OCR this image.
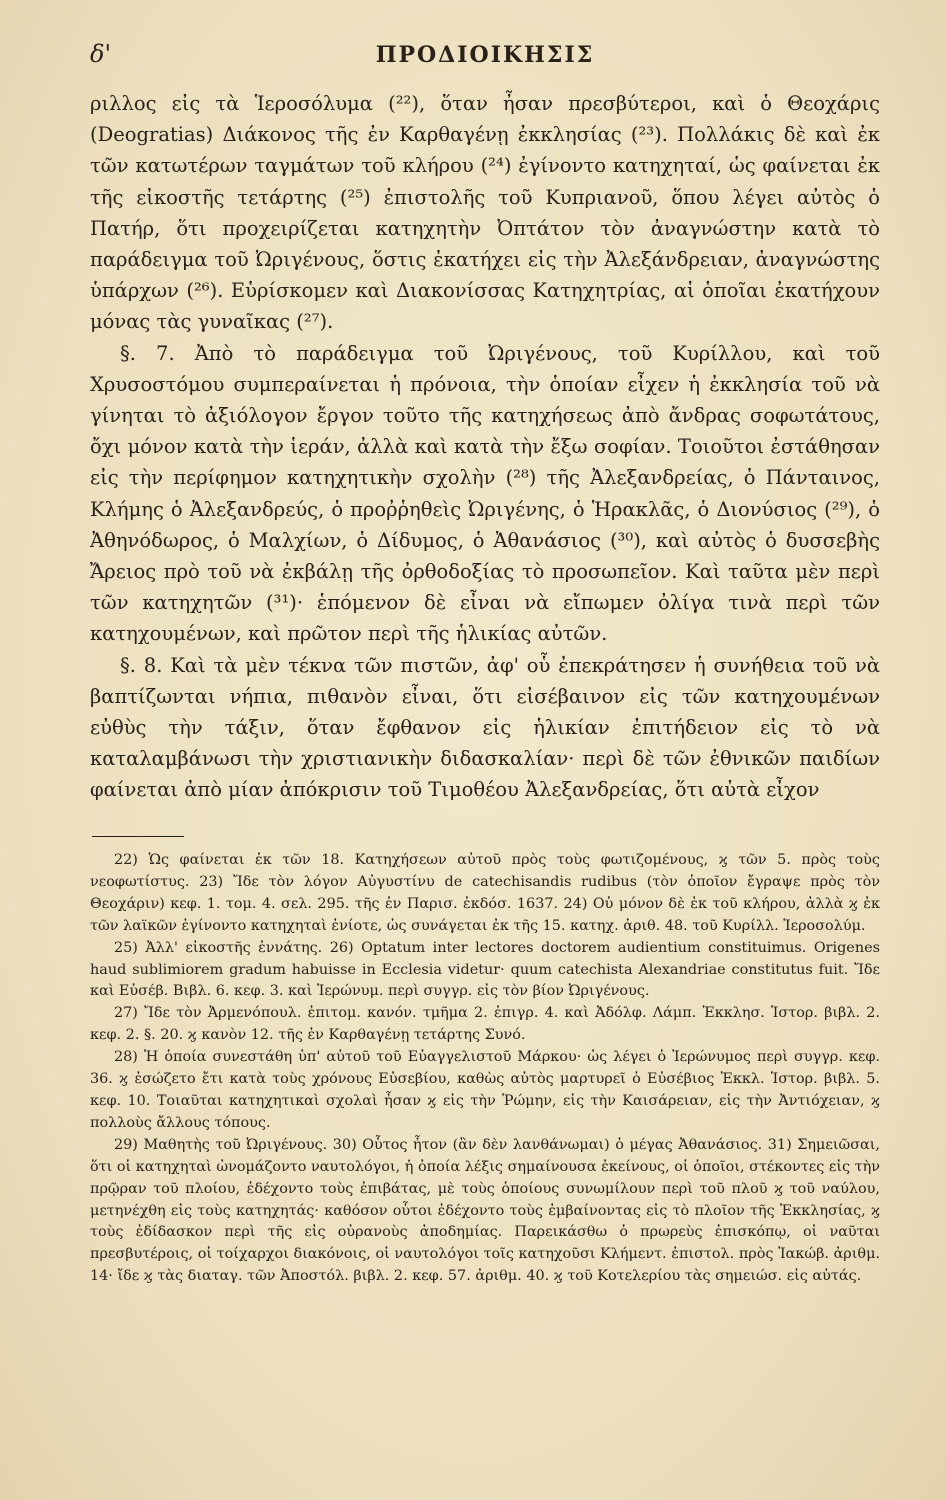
δ'	ΠΡΟΔΙΟΙΚΗΣΙΣ

ριλλος εἰς τὰ Ἱεροσόλυμα (²²), ὅταν ἦσαν πρεσβύτεροι, καὶ ὁ Θεοχάρις (Deogratias) Διάκονος τῆς ἐν Καρθαγένῃ ἐκκλησίας (²³). Πολλάκις δὲ καὶ ἐκ τῶν κατωτέρων ταγμάτων τοῦ κλήρου (²⁴) ἐγίνοντο κατηχηταί, ὡς φαίνεται ἐκ τῆς εἰκοστῆς τετάρτης (²⁵) ἐπιστολῆς τοῦ Κυπριανοῦ, ὅπου λέγει αὐτὸς ὁ Πατήρ, ὅτι προχειρίζεται κατηχητὴν Ὀπτάτον τὸν ἀναγνώστην κατὰ τὸ παράδειγμα τοῦ Ὠριγένους, ὅστις ἐκατήχει εἰς τὴν Ἀλεξάνδρειαν, ἀναγνώστης ὑπάρχων (²⁶). Εὑρίσκομεν καὶ Διακονίσσας Κατηχητρίας, αἱ ὁποῖαι ἐκατήχουν μόνας τὰς γυναῖκας (²⁷).

§. 7. Ἀπὸ τὸ παράδειγμα τοῦ Ὠριγένους, τοῦ Κυρίλλου, καὶ τοῦ Χρυσοστόμου συμπεραίνεται ἡ πρόνοια, τὴν ὁποίαν εἶχεν ἡ ἐκκλησία τοῦ νὰ γίνηται τὸ ἀξιόλογον ἔργον τοῦτο τῆς κατηχήσεως ἀπὸ ἄνδρας σοφωτάτους, ὄχι μόνον κατὰ τὴν ἱεράν, ἀλλὰ καὶ κατὰ τὴν ἔξω σοφίαν. Τοιοῦτοι ἐστάθησαν εἰς τὴν περίφημον κατηχητικὴν σχολὴν (²⁸) τῆς Ἀλεξανδρείας, ὁ Πάνταινος, Κλήμης ὁ Ἀλεξανδρεύς, ὁ προῤῥηθεὶς Ὠριγένης, ὁ Ἡρακλᾶς, ὁ Διονύσιος (²⁹), ὁ Ἀθηνόδωρος, ὁ Μαλχίων, ὁ Δίδυμος, ὁ Ἀθανάσιος (³⁰), καὶ αὐτὸς ὁ δυσσεβὴς Ἄρειος πρὸ τοῦ νὰ ἐκβάλῃ τῆς ὀρθοδοξίας τὸ προσωπεῖον. Καὶ ταῦτα μὲν περὶ τῶν κατηχητῶν (³¹)· ἑπόμενον δὲ εἶναι νὰ εἴπωμεν ὀλίγα τινὰ περὶ τῶν κατηχουμένων, καὶ πρῶτον περὶ τῆς ἡλικίας αὐτῶν.

§. 8. Καὶ τὰ μὲν τέκνα τῶν πιστῶν, ἀφ' οὗ ἐπεκράτησεν ἡ συνήθεια τοῦ νὰ βαπτίζωνται νήπια, πιθανὸν εἶναι, ὅτι εἰσέβαινον εἰς τῶν κατηχουμένων εὐθὺς τὴν τάξιν, ὅταν ἔφθανον εἰς ἡλικίαν ἐπιτήδειον εἰς τὸ νὰ καταλαμβάνωσι τὴν χριστιανικὴν διδασκαλίαν· περὶ δὲ τῶν ἐθνικῶν παιδίων φαίνεται ἀπὸ μίαν ἀπόκρισιν τοῦ Τιμοθέου Ἀλεξανδρείας, ὅτι αὐτὰ εἶχον

22) Ὡς φαίνεται ἐκ τῶν 18. Κατηχήσεων αὐτοῦ πρὸς τοὺς φωτιζομένους, ϗ τῶν 5. πρὸς τοὺς νεοφωτίστυς. 23) Ἴδε τὸν λόγον Αὐγυστίνυ de catechisandis rudibus (τὸν ὁποῖον ἔγραψε πρὸς τὸν Θεοχάριν) κεφ. 1. τομ. 4. σελ. 295. τῆς ἐν Παρισ. ἐκδόσ. 1637. 24) Οὐ μόνον δὲ ἐκ τοῦ κλήρου, ἀλλὰ ϗ ἐκ τῶν λαϊκῶν ἐγίνοντο κατηχηταὶ ἐνίοτε, ὡς συνάγεται ἐκ τῆς 15. κατηχ. ἀριθ. 48. τοῦ Κυρίλλ. Ἱεροσολύμ.

25) Ἀλλ' εἰκοστῆς ἐννάτης. 26) Optatum inter lectores doctorem audientium constituimus. Origenes haud sublimiorem gradum habuisse in Ecclesia videtur· quum catechista Alexandriae constitutus fuit. Ἴδε καὶ Εὐσέβ. Βιβλ. 6. κεφ. 3. καὶ Ἱερώνυμ. περὶ συγγρ. εἰς τὸν βίον Ὠριγένους.

27) Ἴδε τὸν Ἀρμενόπουλ. ἐπιτομ. κανόν. τμῆμα 2. ἐπιγρ. 4. καὶ Ἀδόλφ. Λάμπ. Ἐκκλησ. Ἱστορ. βιβλ. 2. κεφ. 2. §. 20. ϗ κανὸν 12. τῆς ἐν Καρθαγένῃ τετάρτης Συνό.

28) Ἡ ὁποία συνεστάθη ὑπ' αὐτοῦ τοῦ Εὐαγγελιστοῦ Μάρκου· ὡς λέγει ὁ Ἱερώνυμος περὶ συγγρ. κεφ. 36. ϗ ἐσώζετο ἔτι κατὰ τοὺς χρόνους Εὐσεβίου, καθὼς αὐτὸς μαρτυρεῖ ὁ Εὐσέβιος Ἐκκλ. Ἱστορ. βιβλ. 5. κεφ. 10. Τοιαῦται κατηχητικαὶ σχολαὶ ἦσαν ϗ εἰς τὴν Ῥώμην, εἰς τὴν Καισάρειαν, εἰς τὴν Ἀντιόχειαν, ϗ πολλοὺς ἄλλους τόπους.

29) Μαθητὴς τοῦ Ὠριγένους. 30) Οὗτος ἦτον (ἂν δὲν λανθάνωμαι) ὁ μέγας Ἀθανάσιος. 31) Σημειῶσαι, ὅτι οἱ κατηχηταὶ ὠνομάζοντο ναυτολόγοι, ἡ ὁποία λέξις σημαίνουσα ἐκείνους, οἱ ὁποῖοι, στέκοντες εἰς τὴν πρῷραν τοῦ πλοίου, ἐδέχοντο τοὺς ἐπιβάτας, μὲ τοὺς ὁποίους συνωμίλουν περὶ τοῦ πλοῦ ϗ τοῦ ναύλου, μετηνέχθη εἰς τοὺς κατηχητάς· καθόσον οὗτοι ἐδέχοντο τοὺς ἐμβαίνοντας εἰς τὸ πλοῖον τῆς Ἐκκλησίας, ϗ τοὺς ἐδίδασκον περὶ τῆς εἰς οὐρανοὺς ἀποδημίας. Παρεικάσθω ὁ πρωρεὺς ἐπισκόπῳ, οἱ ναῦται πρεσβυτέροις, οἱ τοίχαρχοι διακόνοις, οἱ ναυτολόγοι τοῖς κατηχοῦσι Κλήμεντ. ἐπιστολ. πρὸς Ἰακώβ. ἀριθμ. 14· ἴδε ϗ τὰς διαταγ. τῶν Ἀποστόλ. βιβλ. 2. κεφ. 57. ἀριθμ. 40. ϗ τοῦ Κοτελερίου τὰς σημειώσ. εἰς αὐτάς.
